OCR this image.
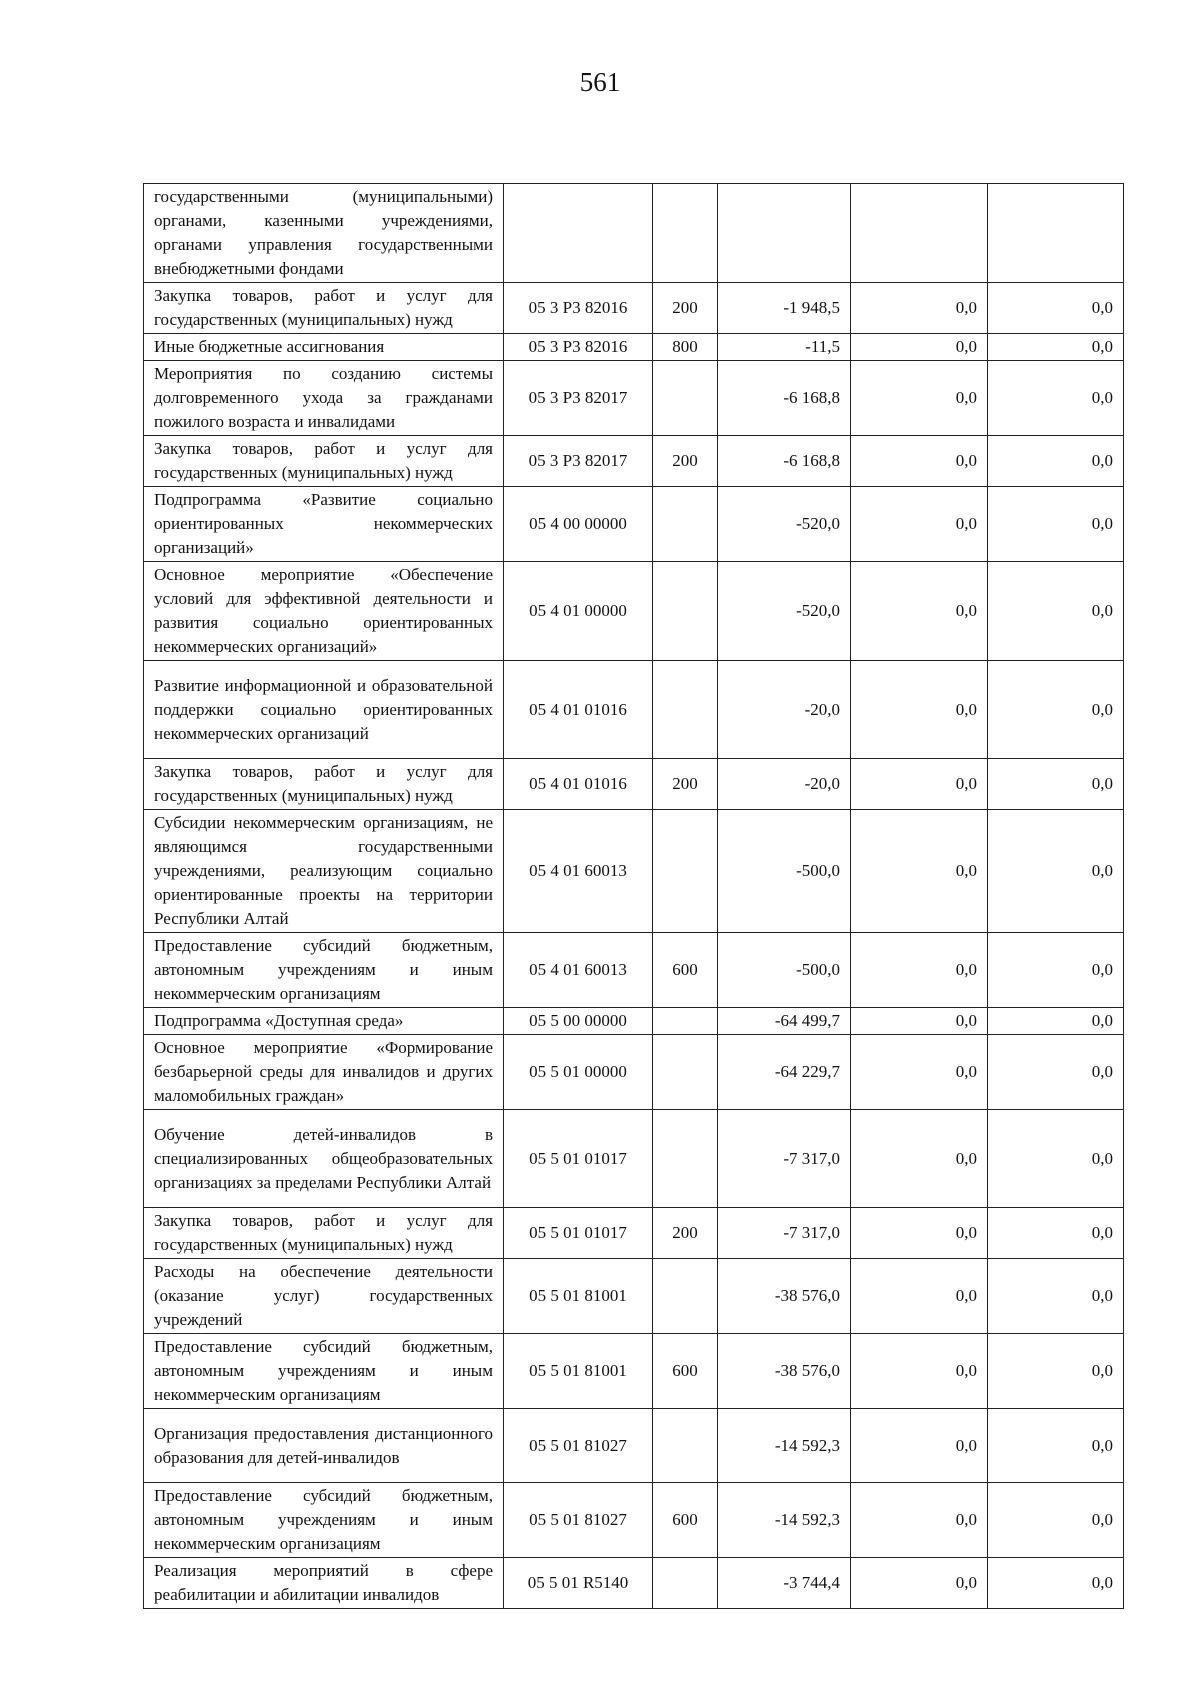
561
государственными (муниципальными) органами, казенными учреждениями, органами управления государственными внебюджетными фондами					
Закупка товаров, работ и услуг для государственных (муниципальных) нужд	05 3 Р3 82016	200	-1 948,5	0,0	0,0
Иные бюджетные ассигнования	05 3 Р3 82016	800	-11,5	0,0	0,0
Мероприятия по созданию системы долговременного ухода за гражданами пожилого возраста и инвалидами	05 3 Р3 82017		-6 168,8	0,0	0,0
Закупка товаров, работ и услуг для государственных (муниципальных) нужд	05 3 Р3 82017	200	-6 168,8	0,0	0,0
Подпрограмма «Развитие социально ориентированных некоммерческих организаций»	05 4 00 00000		-520,0	0,0	0,0
Основное мероприятие «Обеспечение условий для эффективной деятельности и развития социально ориентированных некоммерческих организаций»	05 4 01 00000		-520,0	0,0	0,0
Развитие информационной и образовательной поддержки социально ориентированных некоммерческих организаций	05 4 01 01016		-20,0	0,0	0,0
Закупка товаров, работ и услуг для государственных (муниципальных) нужд	05 4 01 01016	200	-20,0	0,0	0,0
Субсидии некоммерческим организациям, не являющимся государственными учреждениями, реализующим социально ориентированные проекты на территории Республики Алтай	05 4 01 60013		-500,0	0,0	0,0
Предоставление субсидий бюджетным, автономным учреждениям и иным некоммерческим организациям	05 4 01 60013	600	-500,0	0,0	0,0
Подпрограмма «Доступная среда»	05 5 00 00000		-64 499,7	0,0	0,0
Основное мероприятие «Формирование безбарьерной среды для инвалидов и других маломобильных граждан»	05 5 01 00000		-64 229,7	0,0	0,0
Обучение детей-инвалидов в специализированных общеобразовательных организациях за пределами Республики Алтай	05 5 01 01017		-7 317,0	0,0	0,0
Закупка товаров, работ и услуг для государственных (муниципальных) нужд	05 5 01 01017	200	-7 317,0	0,0	0,0
Расходы на обеспечение деятельности (оказание услуг) государственных учреждений	05 5 01 81001		-38 576,0	0,0	0,0
Предоставление субсидий бюджетным, автономным учреждениям и иным некоммерческим организациям	05 5 01 81001	600	-38 576,0	0,0	0,0
Организация предоставления дистанционного образования для детей-инвалидов	05 5 01 81027		-14 592,3	0,0	0,0
Предоставление субсидий бюджетным, автономным учреждениям и иным некоммерческим организациям	05 5 01 81027	600	-14 592,3	0,0	0,0
Реализация мероприятий в сфере реабилитации и абилитации инвалидов	05 5 01 R5140		-3 744,4	0,0	0,0
